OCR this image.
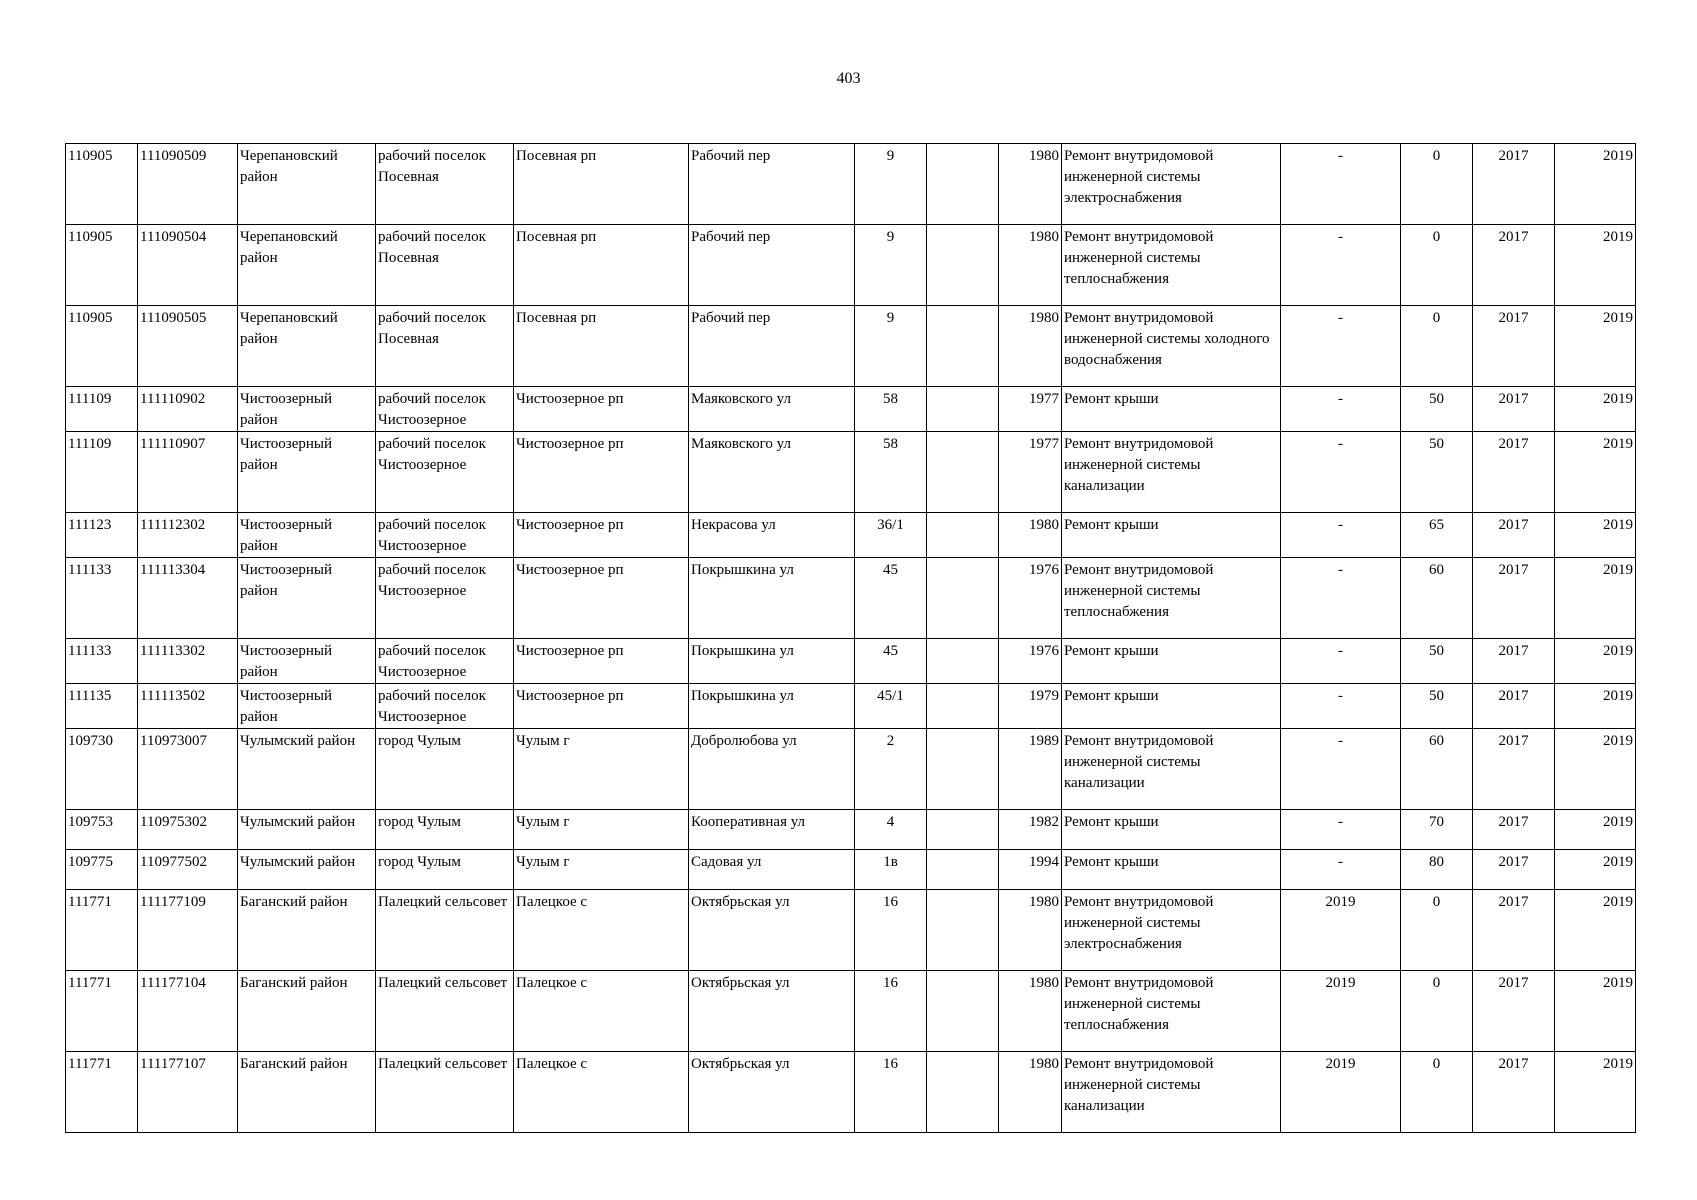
403
110905	111090509	Черепановский район	рабочий поселок Посевная	Посевная рп	Рабочий пер	9		1980	Ремонт внутридомовой инженерной системы электроснабжения	-	0	2017	2019
110905	111090504	Черепановский район	рабочий поселок Посевная	Посевная рп	Рабочий пер	9		1980	Ремонт внутридомовой инженерной системы теплоснабжения	-	0	2017	2019
110905	111090505	Черепановский район	рабочий поселок Посевная	Посевная рп	Рабочий пер	9		1980	Ремонт внутридомовой инженерной системы холодного водоснабжения	-	0	2017	2019
111109	111110902	Чистоозерный район	рабочий поселок Чистоозерное	Чистоозерное рп	Маяковского ул	58		1977	Ремонт крыши	-	50	2017	2019
111109	111110907	Чистоозерный район	рабочий поселок Чистоозерное	Чистоозерное рп	Маяковского ул	58		1977	Ремонт внутридомовой инженерной системы канализации	-	50	2017	2019
111123	111112302	Чистоозерный район	рабочий поселок Чистоозерное	Чистоозерное рп	Некрасова ул	36/1		1980	Ремонт крыши	-	65	2017	2019
111133	111113304	Чистоозерный район	рабочий поселок Чистоозерное	Чистоозерное рп	Покрышкина ул	45		1976	Ремонт внутридомовой инженерной системы теплоснабжения	-	60	2017	2019
111133	111113302	Чистоозерный район	рабочий поселок Чистоозерное	Чистоозерное рп	Покрышкина ул	45		1976	Ремонт крыши	-	50	2017	2019
111135	111113502	Чистоозерный район	рабочий поселок Чистоозерное	Чистоозерное рп	Покрышкина ул	45/1		1979	Ремонт крыши	-	50	2017	2019
109730	110973007	Чулымский район	город Чулым	Чулым г	Добролюбова ул	2		1989	Ремонт внутридомовой инженерной системы канализации	-	60	2017	2019
109753	110975302	Чулымский район	город Чулым	Чулым г	Кооперативная ул	4		1982	Ремонт крыши	-	70	2017	2019
109775	110977502	Чулымский район	город Чулым	Чулым г	Садовая ул	1в		1994	Ремонт крыши	-	80	2017	2019
111771	111177109	Баганский район	Палецкий сельсовет	Палецкое с	Октябрьская ул	16		1980	Ремонт внутридомовой инженерной системы электроснабжения	2019	0	2017	2019
111771	111177104	Баганский район	Палецкий сельсовет	Палецкое с	Октябрьская ул	16		1980	Ремонт внутридомовой инженерной системы теплоснабжения	2019	0	2017	2019
111771	111177107	Баганский район	Палецкий сельсовет	Палецкое с	Октябрьская ул	16		1980	Ремонт внутридомовой инженерной системы канализации	2019	0	2017	2019
